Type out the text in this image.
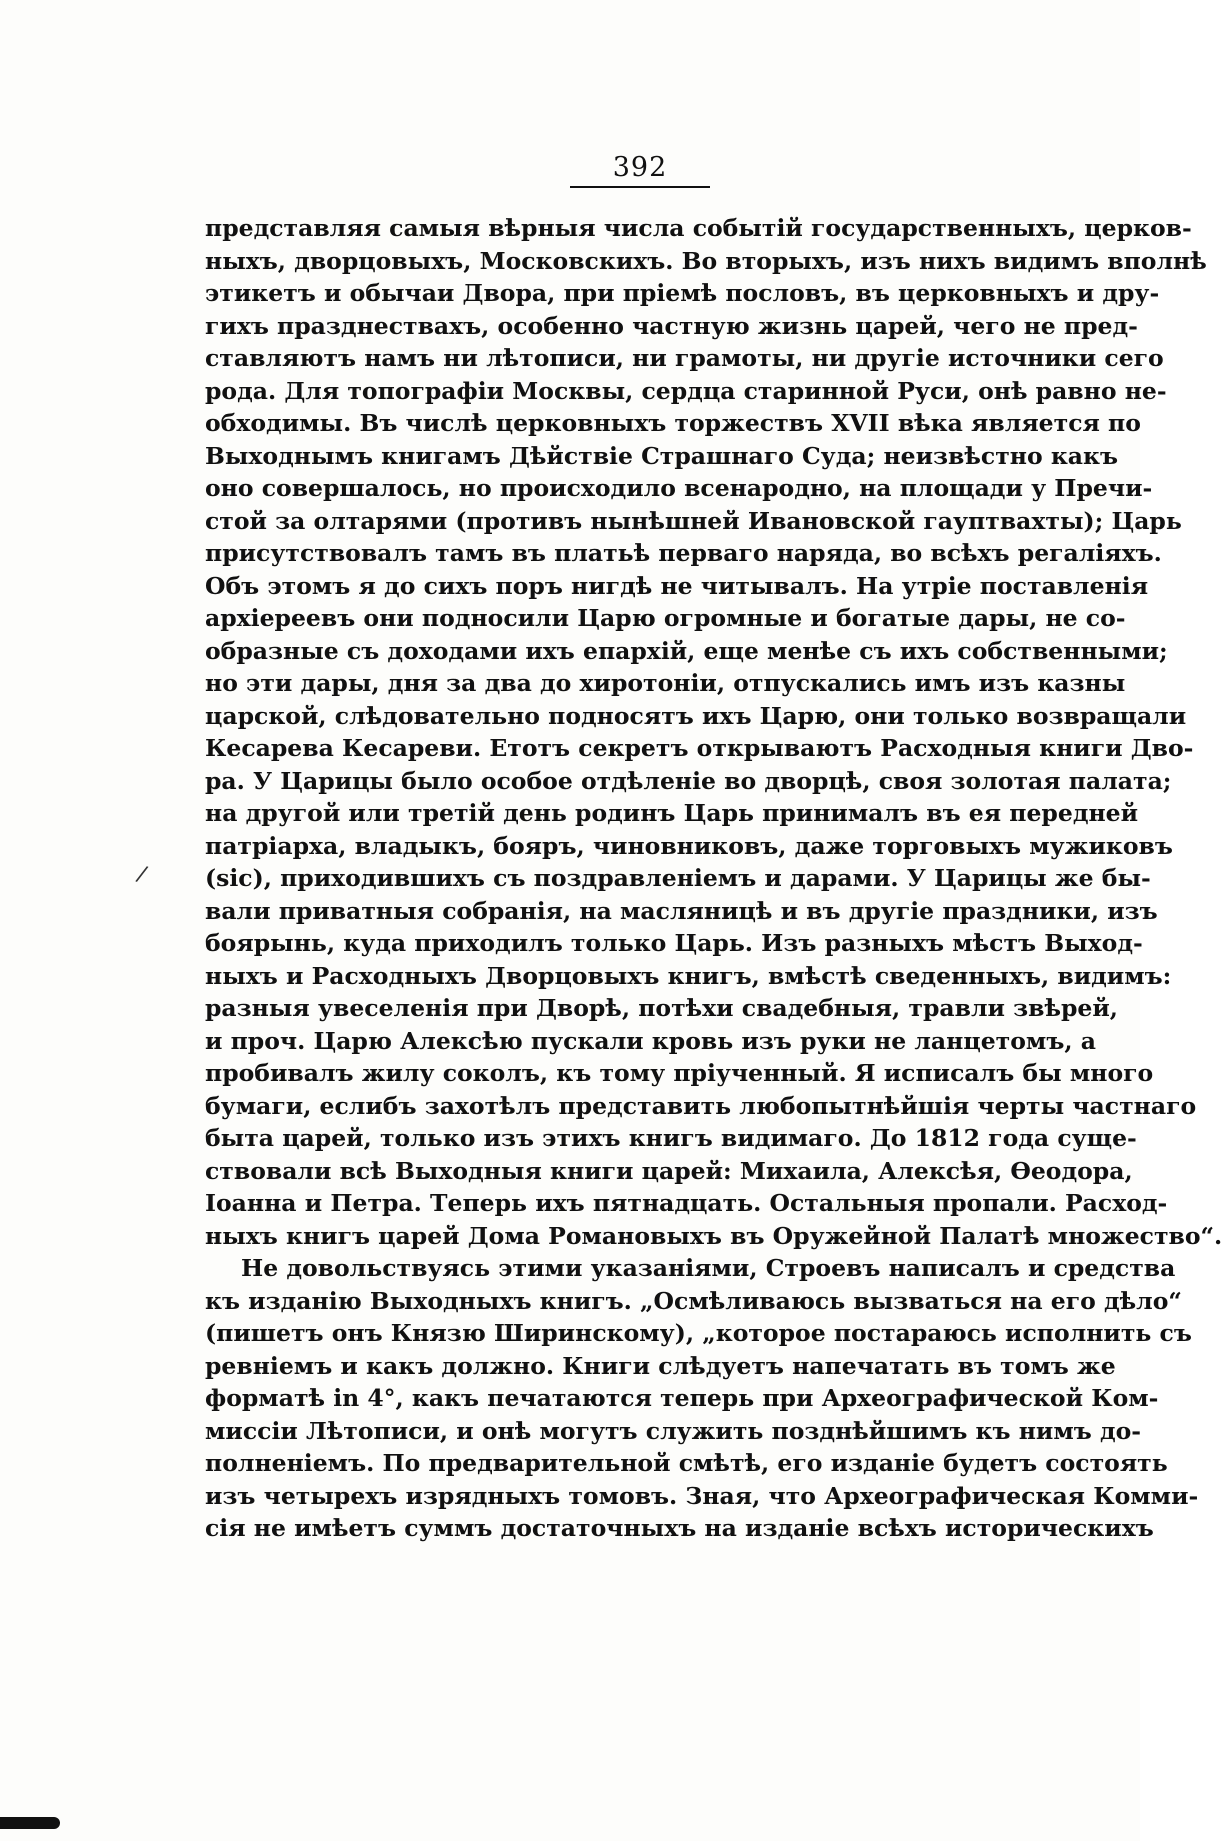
392
/
представляя самыя вѣрныя числа событій государственныхъ, церков-
ныхъ, дворцовыхъ, Московскихъ. Во вторыхъ, изъ нихъ видимъ вполнѣ
этикетъ и обычаи Двора, при пріемѣ пословъ, въ церковныхъ и дру-
гихъ празднествахъ, особенно частную жизнь царей, чего не пред-
ставляютъ намъ ни лѣтописи, ни грамоты, ни другіе источники сего
рода. Для топографіи Москвы, сердца старинной Руси, онѣ равно не-
обходимы. Въ числѣ церковныхъ торжествъ XVII вѣка является по
Выходнымъ книгамъ Дѣйствіе Страшнаго Суда; неизвѣстно какъ
оно совершалось, но происходило всенародно, на площади у Пречи-
стой за олтарями (противъ нынѣшней Ивановской гауптвахты); Царь
присутствовалъ тамъ въ платьѣ перваго наряда, во всѣхъ регаліяхъ.
Объ этомъ я до сихъ поръ нигдѣ не читывалъ. На утріе поставленія
архіереевъ они подносили Царю огромные и богатые дары, не со-
образные съ доходами ихъ епархій, еще менѣе съ ихъ собственными;
но эти дары, дня за два до хиротоніи, отпускались имъ изъ казны
царской, слѣдовательно подносятъ ихъ Царю, они только возвращали
Кесарева Кесареви. Етотъ секретъ открываютъ Расходныя книги Дво-
ра. У Царицы было особое отдѣленіе во дворцѣ, своя золотая палата;
на другой или третій день родинъ Царь принималъ въ ея передней
патріарха, владыкъ, бояръ, чиновниковъ, даже торговыхъ мужиковъ
(sic), приходившихъ съ поздравленіемъ и дарами. У Царицы же бы-
вали приватныя собранія, на масляницѣ и въ другіе праздники, изъ
боярынь, куда приходилъ только Царь. Изъ разныхъ мѣстъ Выход-
ныхъ и Расходныхъ Дворцовыхъ книгъ, вмѣстѣ сведенныхъ, видимъ:
разныя увеселенія при Дворѣ, потѣхи свадебныя, травли звѣрей,
и проч. Царю Алексѣю пускали кровь изъ руки не ланцетомъ, а
пробивалъ жилу соколъ, къ тому пріученный. Я исписалъ бы много
бумаги, еслибъ захотѣлъ представить любопытнѣйшія черты частнаго
быта царей, только изъ этихъ книгъ видимаго. До 1812 года суще-
ствовали всѣ Выходныя книги царей: Михаила, Алексѣя, Ѳеодора,
Іоанна и Петра. Теперь ихъ пятнадцать. Остальныя пропали. Расход-
ныхъ книгъ царей Дома Романовыхъ въ Оружейной Палатѣ множество“.
Не довольствуясь этими указаніями, Строевъ написалъ и средства
къ изданію Выходныхъ книгъ. „Осмѣливаюсь вызваться на его дѣло“
(пишетъ онъ Князю Ширинскому), „которое постараюсь исполнить съ
ревніемъ и какъ должно. Книги слѣдуетъ напечатать въ томъ же
форматѣ in 4°, какъ печатаются теперь при Археографической Ком-
миссіи Лѣтописи, и онѣ могутъ служить позднѣйшимъ къ нимъ до-
полненіемъ. По предварительной смѣтѣ, его изданіе будетъ состоять
изъ четырехъ изрядныхъ томовъ. Зная, что Археографическая Комми-
сія не имѣетъ суммъ достаточныхъ на изданіе всѣхъ историческихъ
